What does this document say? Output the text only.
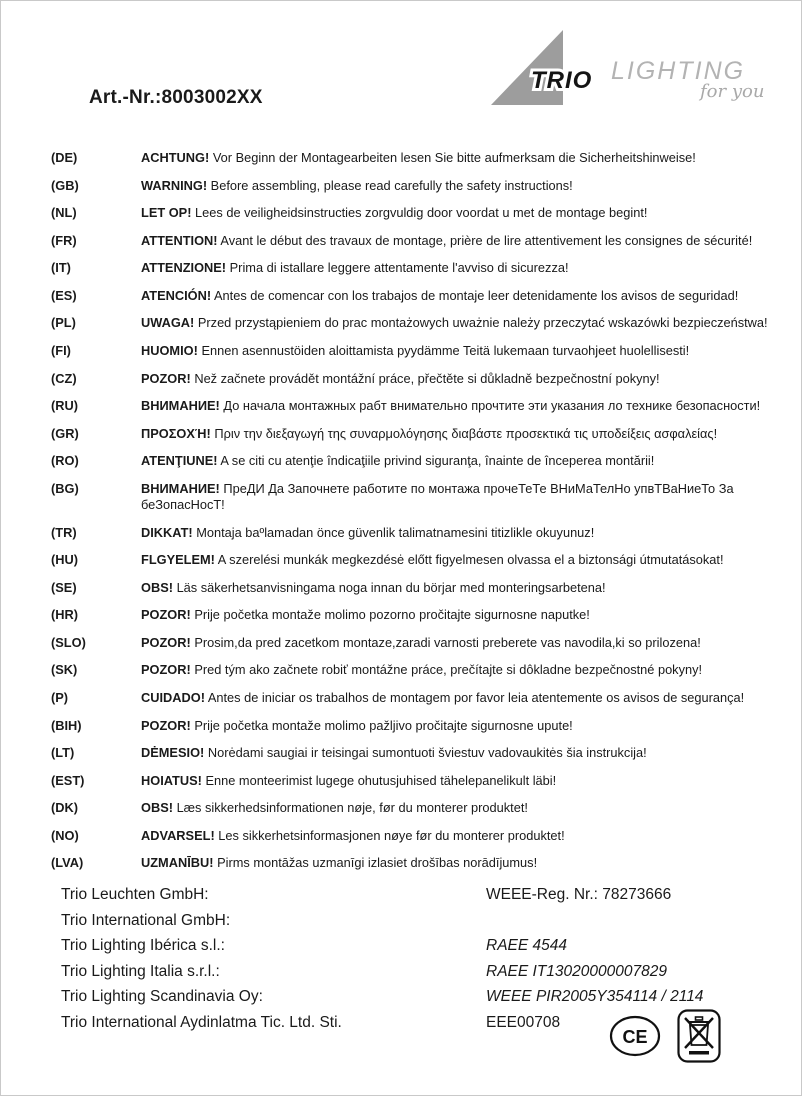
Art.-Nr.:8003002XX
TRIO LIGHTING
for you
(DE)	ACHTUNG! Vor Beginn der Montagearbeiten lesen Sie bitte aufmerksam die Sicherheitshinweise!
(GB)	WARNING! Before assembling, please read carefully the safety instructions!
(NL)	LET OP! Lees de veiligheidsinstructies zorgvuldig door voordat u met de montage begint!
(FR)	ATTENTION! Avant le début des travaux de montage, prière de lire attentivement les consignes de sécurité!
(IT)	ATTENZIONE! Prima di istallare leggere attentamente l'avviso di sicurezza!
(ES)	ATENCIÓN! Antes de comencar con los trabajos de montaje leer detenidamente los avisos de seguridad!
(PL)	UWAGA! Przed przystąpieniem do prac montażowych uważnie należy przeczytać wskazówki bezpieczeństwa!
(FI)	HUOMIO! Ennen asennustöiden aloittamista pyydämme Teitä lukemaan turvaohjeet huolellisesti!
(CZ)	POZOR! Než začnete provádět montážní práce, přečtěte si důkladně bezpečnostní pokyny!
(RU)	ВНИМАНИЕ! До начала монтажных рабт внимательно прочтите эти указания ло технике безопасности!
(GR)	ΠΡΟΣΟΧΉ! Πριν την διεξαγωγή της συναρμολόγησης διαβάστε προσεκτικά τις υποδείξεις ασφαλείας!
(RO)	ATENŢIUNE! A se citi cu atenţie îndicaţiile privind siguranţa, înainte de începerea montării!
(BG)	ВНИМАНИЕ! ПреДИ Да Започнете работите по монтажа прочеТеТе ВНиМаТелНо упвТВаНиеТо За беЗопасНосТ!
(TR)	DIKKAT! Montaja baºlamadan önce güvenlik talimatnamesini titizlikle okuyunuz!
(HU)	FLGYELEM! A szerelési munkák megkezdésė előtt figyelmesen olvassa el a biztonsági útmutatásokat!
(SE)	OBS! Läs säkerhetsanvisningama noga innan du börjar med monteringsarbetena!
(HR)	POZOR! Prije početka montaže molimo pozorno pročitajte sigurnosne naputke!
(SLO)	POZOR! Prosim,da pred zacetkom montaze,zaradi varnosti preberete vas navodila,ki so prilozena!
(SK)	POZOR! Pred tým ako začnete robiť montážne práce, prečítajte si dôkladne bezpečnostné pokyny!
(P)	CUIDADO! Antes de iniciar os trabalhos de montagem por favor leia atentemente os avisos de segurança!
(BIH)	POZOR! Prije početka montaže molimo pažljivo pročitajte sigurnosne upute!
(LT)	DĖMESIO! Norėdami saugiai ir teisingai sumontuoti šviestuv vadovaukitės šia instrukcija!
(EST)	HOIATUS! Enne monteerimist lugege ohutusjuhised tähelepanelikult läbi!
(DK)	OBS! Læs sikkerhedsinformationen nøje, før du monterer produktet!
(NO)	ADVARSEL! Les sikkerhetsinformasjonen nøye før du monterer produktet!
(LVA)	UZMANĪBU! Pirms montāžas uzmanīgi izlasiet drošības norādījumus!
Trio Leuchten GmbH:	WEEE-Reg. Nr.: 78273666
Trio International GmbH:
Trio Lighting Ibérica s.l.:	RAEE 4544
Trio Lighting Italia s.r.l.:	RAEE IT13020000007829
Trio Lighting Scandinavia Oy:	WEEE PIR2005Y354114 / 2114
Trio International Aydinlatma Tic. Ltd. Sti.	EEE00708
CE
